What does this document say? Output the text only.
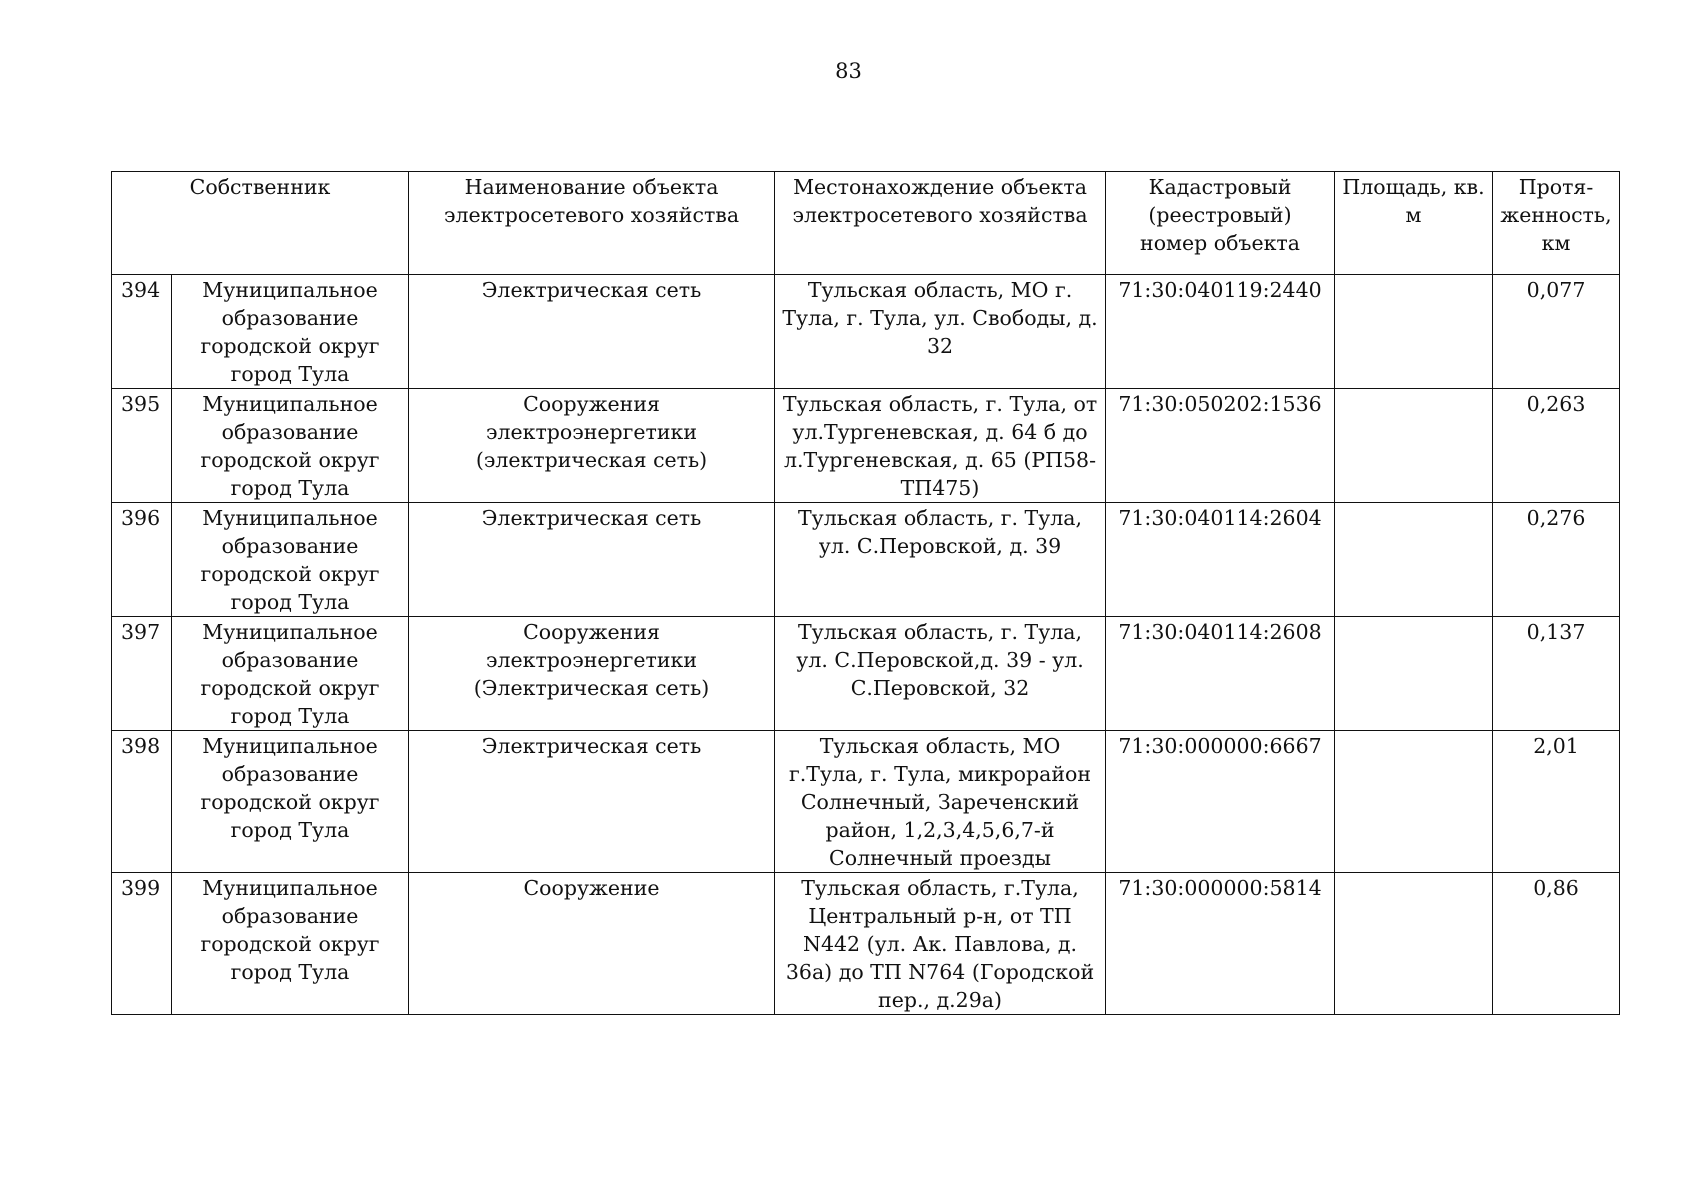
83
Собственник		Наименование объекта электросетевого хозяйства	Местонахождение объекта электросетевого хозяйства	Кадастровый (реестровый) номер объекта	Площадь, кв. м	Протя-женность, км
394	Муниципальное образование городской округ город Тула	Электрическая сеть	Тульская область, МО г. Тула, г. Тула, ул. Свободы, д. 32	71:30:040119:2440		0,077
395	Муниципальное образование городской округ город Тула	Сооружения электроэнергетики (электрическая сеть)	Тульская область, г. Тула, от ул.Тургеневская, д. 64 б до л.Тургеневская, д. 65 (РП58-ТП475)	71:30:050202:1536		0,263
396	Муниципальное образование городской округ город Тула	Электрическая сеть	Тульская область, г. Тула, ул. С.Перовской, д. 39	71:30:040114:2604		0,276
397	Муниципальное образование городской округ город Тула	Сооружения электроэнергетики (Электрическая сеть)	Тульская область, г. Тула, ул. С.Перовской,д. 39 - ул. С.Перовской, 32	71:30:040114:2608		0,137
398	Муниципальное образование городской округ город Тула	Электрическая сеть	Тульская область, МО г.Тула, г. Тула, микрорайон Солнечный, Зареченский район, 1,2,3,4,5,6,7-й Солнечный проезды	71:30:000000:6667		2,01
399	Муниципальное образование городской округ город Тула	Сооружение	Тульская область, г.Тула, Центральный р-н, от ТП N442 (ул. Ак. Павлова, д. 36а) до ТП N764 (Городской пер., д.29а)	71:30:000000:5814		0,86
